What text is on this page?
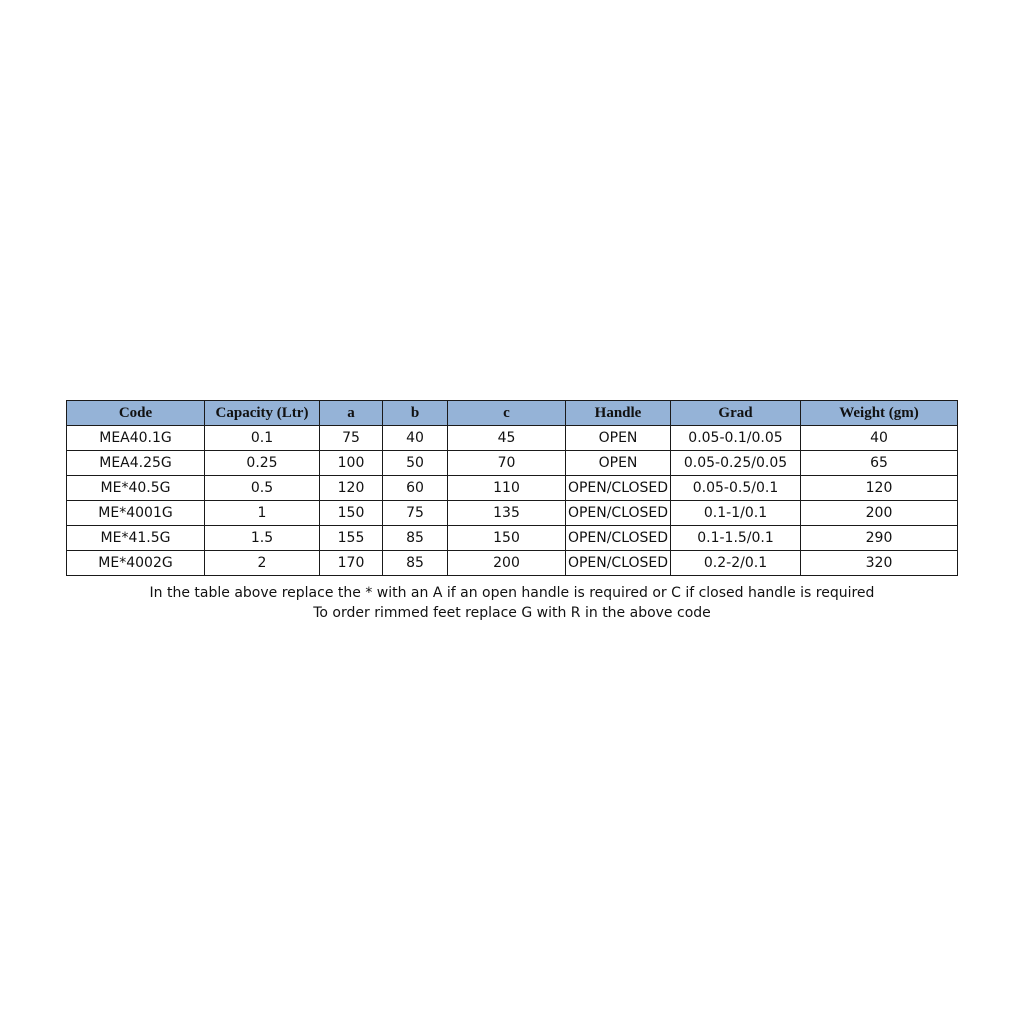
Code	Capacity (Ltr)	a	b	c	Handle	Grad	Weight (gm)
MEA40.1G	0.1	75	40	45	OPEN	0.05-0.1/0.05	40
MEA4.25G	0.25	100	50	70	OPEN	0.05-0.25/0.05	65
ME*40.5G	0.5	120	60	110	OPEN/CLOSED	0.05-0.5/0.1	120
ME*4001G	1	150	75	135	OPEN/CLOSED	0.1-1/0.1	200
ME*41.5G	1.5	155	85	150	OPEN/CLOSED	0.1-1.5/0.1	290
ME*4002G	2	170	85	200	OPEN/CLOSED	0.2-2/0.1	320
In the table above replace the * with an A if an open handle is required or C if closed handle is required
To order rimmed feet replace G with R in the above code
